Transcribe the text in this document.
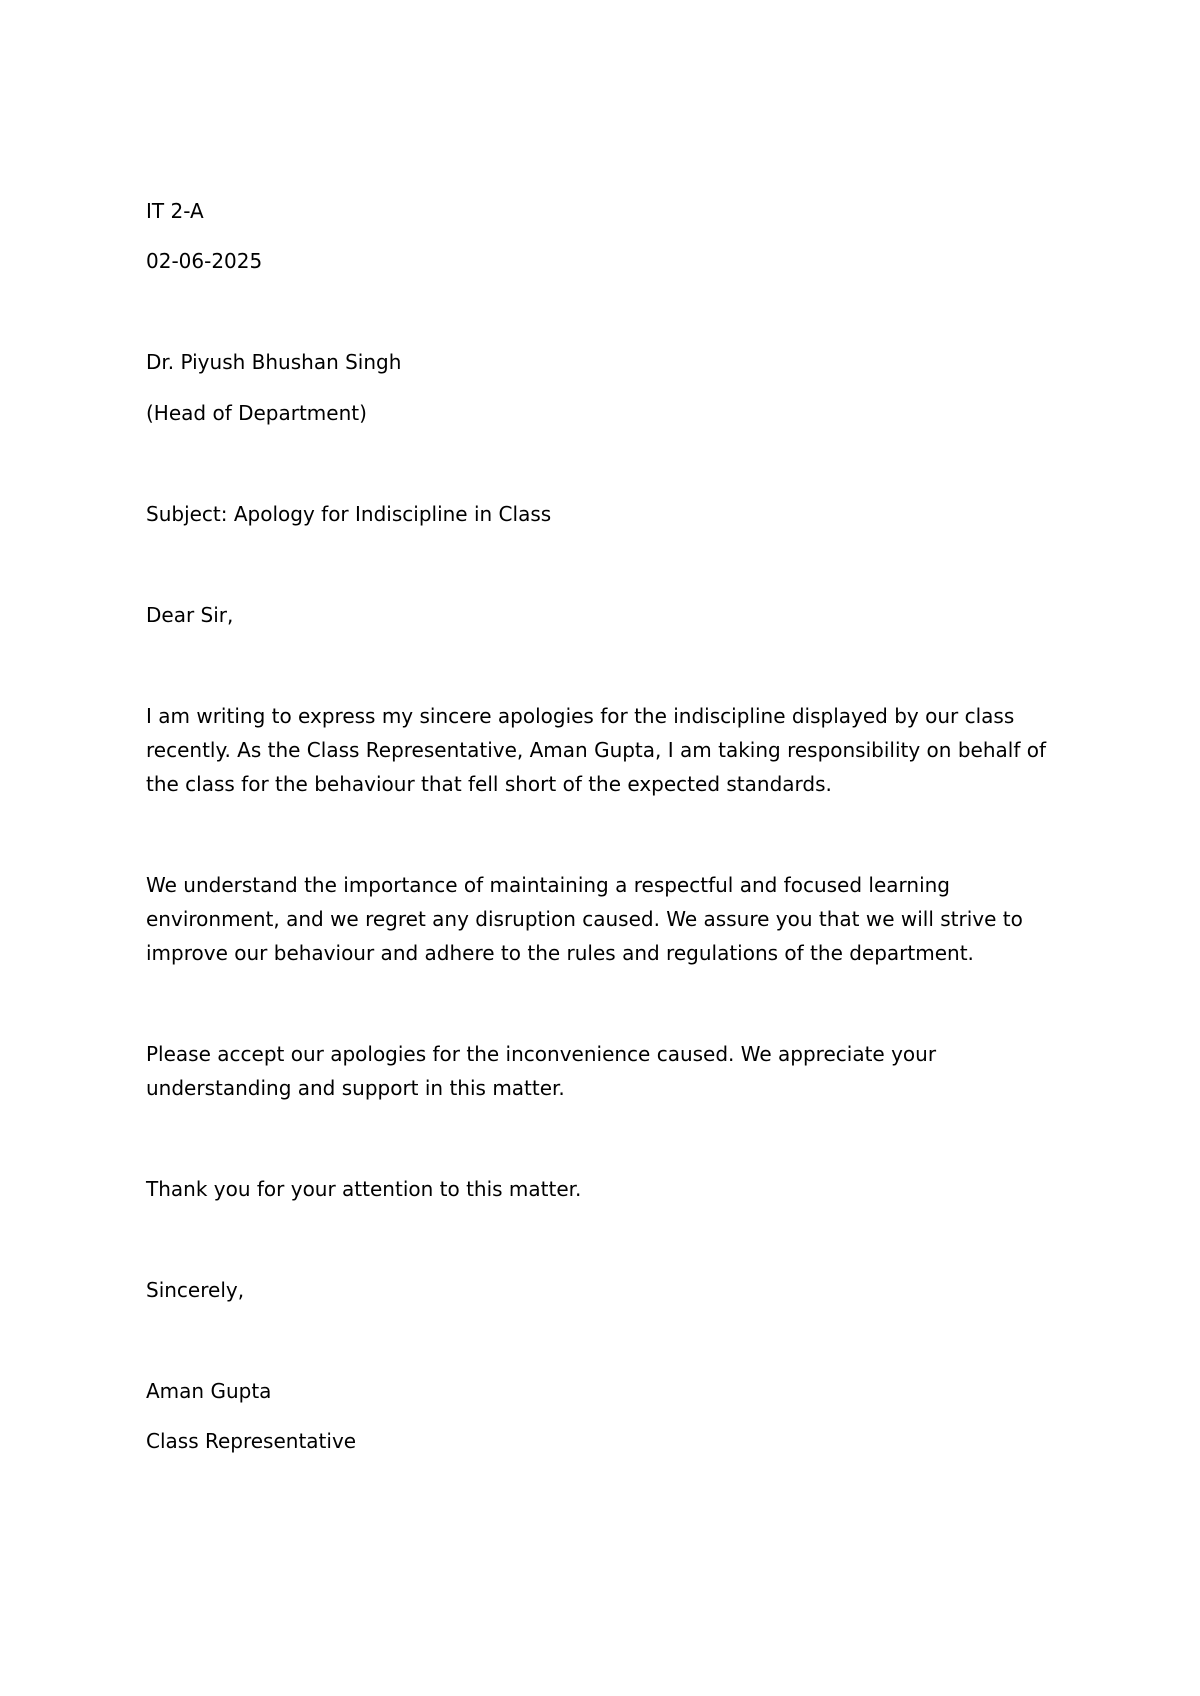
IT 2-A

02-06-2025

Dr. Piyush Bhushan Singh

(Head of Department)

Subject: Apology for Indiscipline in Class

Dear Sir,

I am writing to express my sincere apologies for the indiscipline displayed by our class
recently. As the Class Representative, Aman Gupta, I am taking responsibility on behalf of
the class for the behaviour that fell short of the expected standards.
We understand the importance of maintaining a respectful and focused learning
environment, and we regret any disruption caused. We assure you that we will strive to
improve our behaviour and adhere to the rules and regulations of the department.
Please accept our apologies for the inconvenience caused. We appreciate your
understanding and support in this matter.

Thank you for your attention to this matter.

Sincerely,

Aman Gupta

Class Representative
